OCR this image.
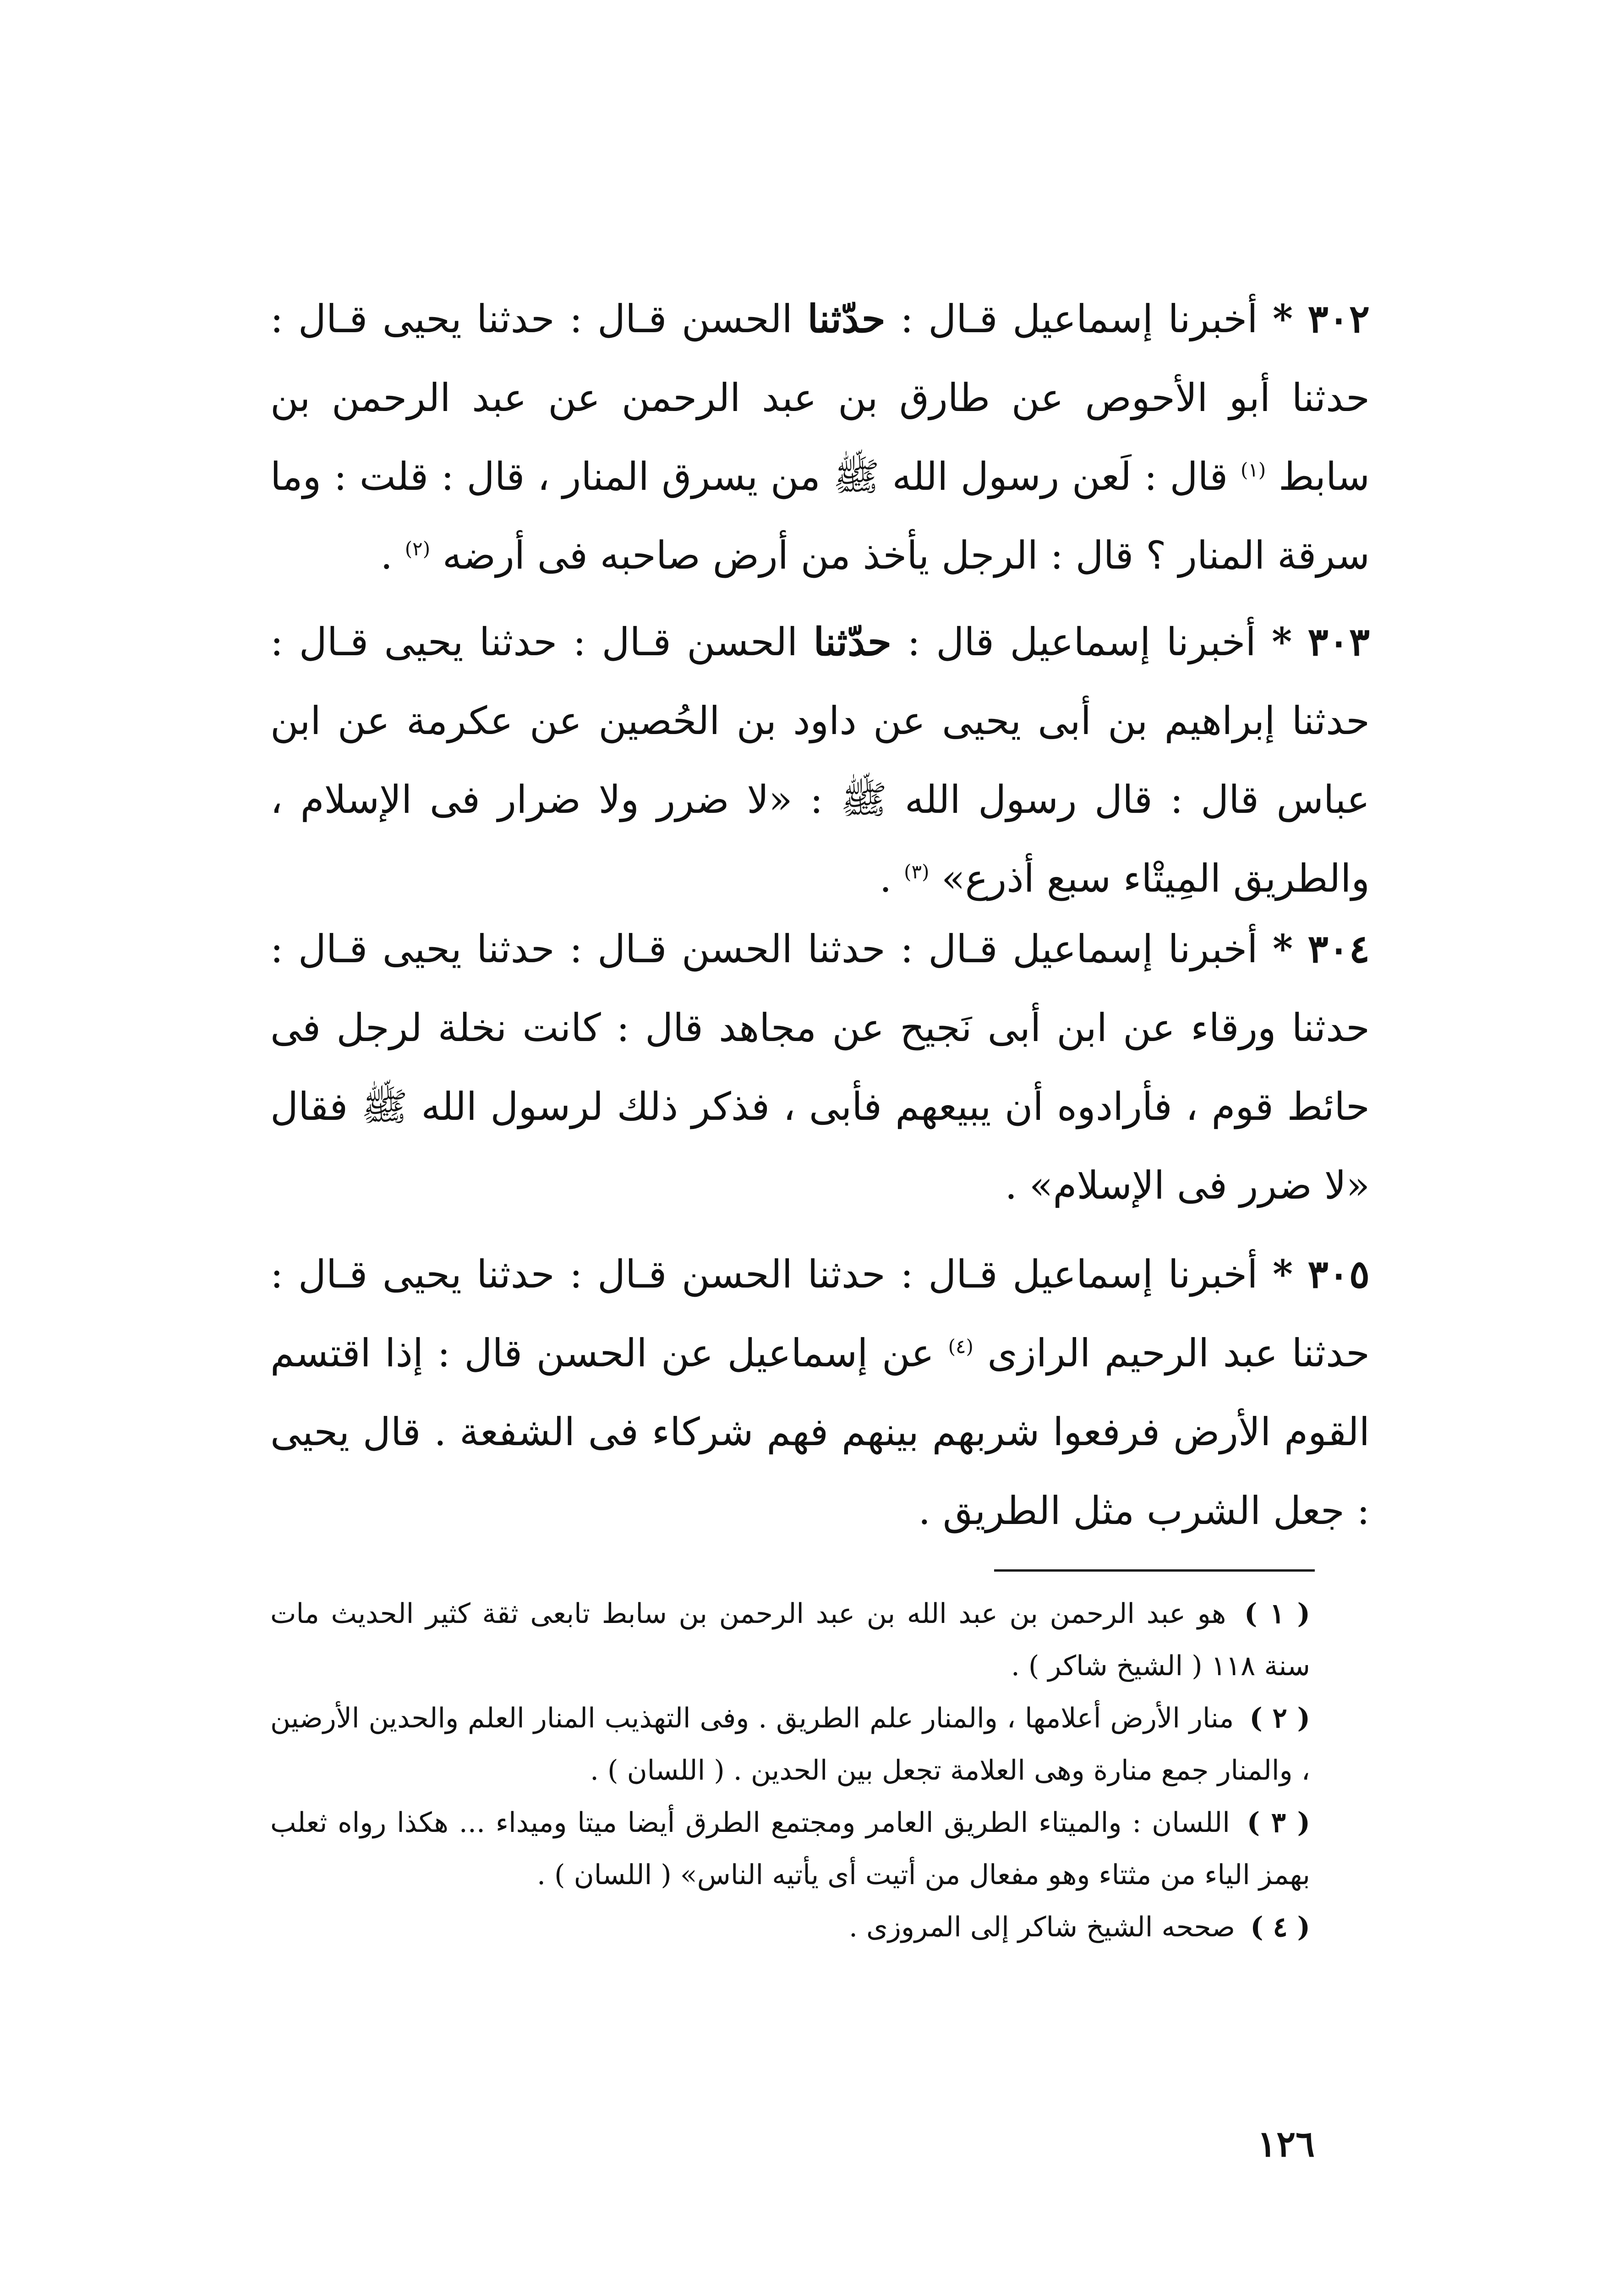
٣٠٢ * أخبرنا إسماعيل قـال : حدّثنا الحسن قـال : حدثنا يحيى قـال : حدثنا أبو الأحوص عن طارق بن عبد الرحمن عن عبد الرحمن بن سابط $^{(١)}$ قال : لَعن رسول الله ﷺ من يسرق المنار ، قال : قلت : وما سرقة المنار ؟ قال : الرجل يأخذ من أرض صاحبه فى أرضه $^{(٢)}$ .

٣٠٣ * أخبرنا إسماعيل قال : حدّثنا الحسن قـال : حدثنا يحيى قـال : حدثنا إبراهيم بن أبى يحيى عن داود بن الحُصين عن عكرمة عن ابن عباس قال : قال رسول الله ﷺ : «لا ضرر ولا ضرار فى الإسلام ، والطريق المِيتْاء سبع أذرع» $^{(٣)}$ .

٣٠٤ * أخبرنا إسماعيل قـال : حدثنا الحسن قـال : حدثنا يحيى قـال : حدثنا ورقاء عن ابن أبى نَجيح عن مجاهد قال : كانت نخلة لرجل فى حائط قوم ، فأرادوه أن يبيعهم فأبى ، فذكر ذلك لرسول الله ﷺ فقال «لا ضرر فى الإسلام» .

٣٠٥ * أخبرنا إسماعيل قـال : حدثنا الحسن قـال : حدثنا يحيى قـال : حدثنا عبد الرحيم الرازى $^{(٤)}$ عن إسماعيل عن الحسن قال : إذا اقتسم القوم الأرض فرفعوا شربهم بينهم فهم شركاء فى الشفعة . قال يحيى : جعل الشرب مثل الطريق .

( ١ ) هو عبد الرحمن بن عبد الله بن عبد الرحمن بن سابط تابعى ثقة كثير الحديث مات سنة ١١٨ ( الشيخ شاكر ) .
( ٢ ) منار الأرض أعلامها ، والمنار علم الطريق . وفى التهذيب المنار العلم والحدين الأرضين ، والمنار جمع منارة وهى العلامة تجعل بين الحدين . ( اللسان ) .
( ٣ ) اللسان : والميتاء الطريق العامر ومجتمع الطرق أيضا ميتا وميداء ... هكذا رواه ثعلب بهمز الياء من مثتاء وهو مفعال من أتيت أى يأتيه الناس» ( اللسان ) .
( ٤ ) صححه الشيخ شاكر إلى المروزى .
١٢٦
